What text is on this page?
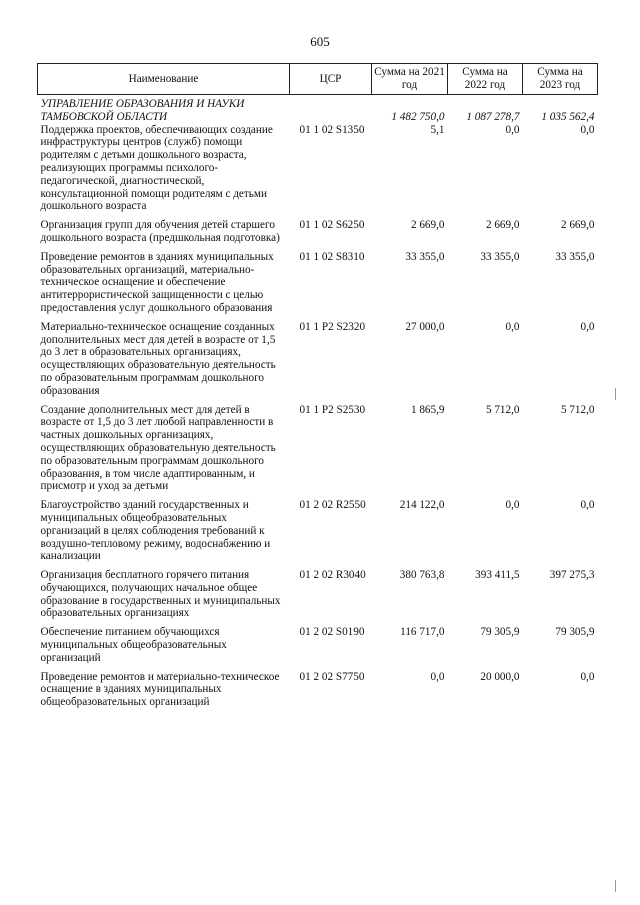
605
Наименование	ЦСР	Сумма на 2021 год	Сумма на 2022 год	Сумма на 2023 год
УПРАВЛЕНИЕ ОБРАЗОВАНИЯ И НАУКИ ТАМБОВСКОЙ ОБЛАСТИ		1 482 750,0	1 087 278,7	1 035 562,4
Поддержка проектов, обеспечивающих создание инфраструктуры центров (служб) помощи родителям с детьми дошкольного возраста, реализующих программы психолого-педагогической, диагностической, консультационной помощи родителям с детьми дошкольного возраста	01 1 02 S1350	5,1	0,0	0,0
Организация групп для обучения детей старшего дошкольного возраста (предшкольная подготовка)	01 1 02 S6250	2 669,0	2 669,0	2 669,0
Проведение ремонтов в зданиях муниципальных образовательных организаций, материально-техническое оснащение и обеспечение антитеррористической защищенности с целью предоставления услуг дошкольного образования	01 1 02 S8310	33 355,0	33 355,0	33 355,0
Материально-техническое оснащение созданных дополнительных мест для детей в возрасте от 1,5 до 3 лет в образовательных организациях, осуществляющих образовательную деятельность по образовательным программам дошкольного образования	01 1 P2 S2320	27 000,0	0,0	0,0
Создание дополнительных мест для детей в возрасте от 1,5 до 3 лет любой направленности в частных дошкольных организациях, осуществляющих образовательную деятельность по образовательным программам дошкольного образования, в том числе адаптированным, и присмотр и уход за детьми	01 1 P2 S2530	1 865,9	5 712,0	5 712,0
Благоустройство зданий государственных и муниципальных общеобразовательных организаций в целях соблюдения требований к воздушно-тепловому режиму, водоснабжению и канализации	01 2 02 R2550	214 122,0	0,0	0,0
Организация бесплатного горячего питания обучающихся, получающих начальное общее образование в государственных и муниципальных образовательных организациях	01 2 02 R3040	380 763,8	393 411,5	397 275,3
Обеспечение питанием обучающихся муниципальных общеобразовательных организаций	01 2 02 S0190	116 717,0	79 305,9	79 305,9
Проведение ремонтов и материально-техническое оснащение в зданиях муниципальных общеобразовательных организаций	01 2 02 S7750	0,0	20 000,0	0,0
